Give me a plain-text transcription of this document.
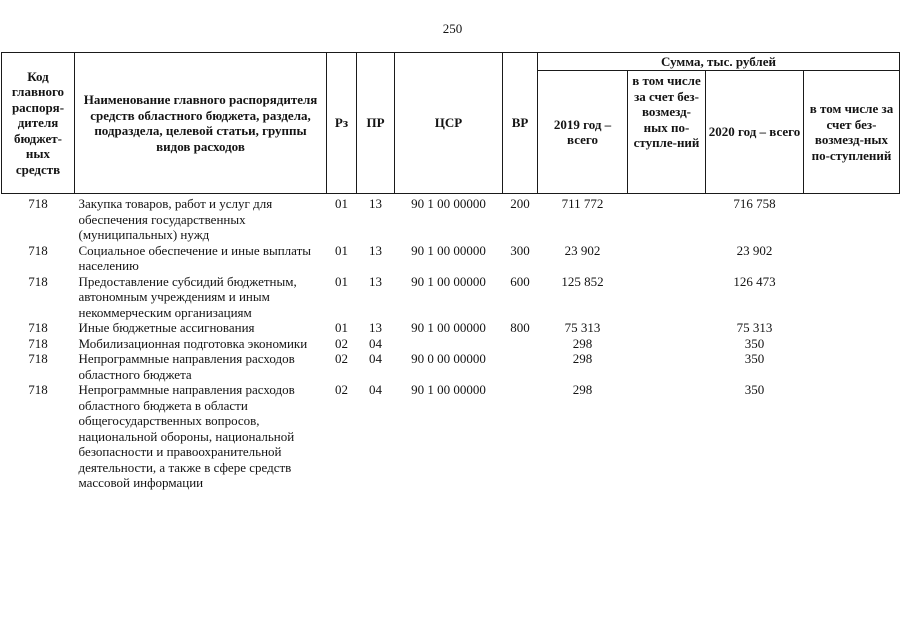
250
Код главного распоря-дителя бюджет-ных средств	Наименование главного распорядителя средств областного бюджета, раздела, подраздела, целевой статьи, группы видов расходов	Рз	ПР	ЦСР	ВР	Сумма, тыс. рублей			
						2019 год – всего	в том числе за счет без-возмезд-ных по-ступле-ний	2020 год – всего	в том числе за счет без-возмезд-ных по-ступлений
718	Закупка товаров, работ и услуг для обеспечения государственных (муниципальных) нужд	01	13	90 1 00 00000	200	711 772		716 758	
718	Социальное обеспечение и иные выплаты населению	01	13	90 1 00 00000	300	23 902		23 902	
718	Предоставление субсидий бюджетным, автономным учреждениям и иным некоммерческим организациям	01	13	90 1 00 00000	600	125 852		126 473	
718	Иные бюджетные ассигнования	01	13	90 1 00 00000	800	75 313		75 313	
718	Мобилизационная подготовка экономики	02	04			298		350	
718	Непрограммные направления расходов областного бюджета	02	04	90 0 00 00000		298		350	
718	Непрограммные направления расходов областного бюджета в области общегосударственных вопросов, национальной обороны, национальной безопасности и правоохранительной деятельности, а также в сфере средств массовой информации	02	04	90 1 00 00000		298		350	
